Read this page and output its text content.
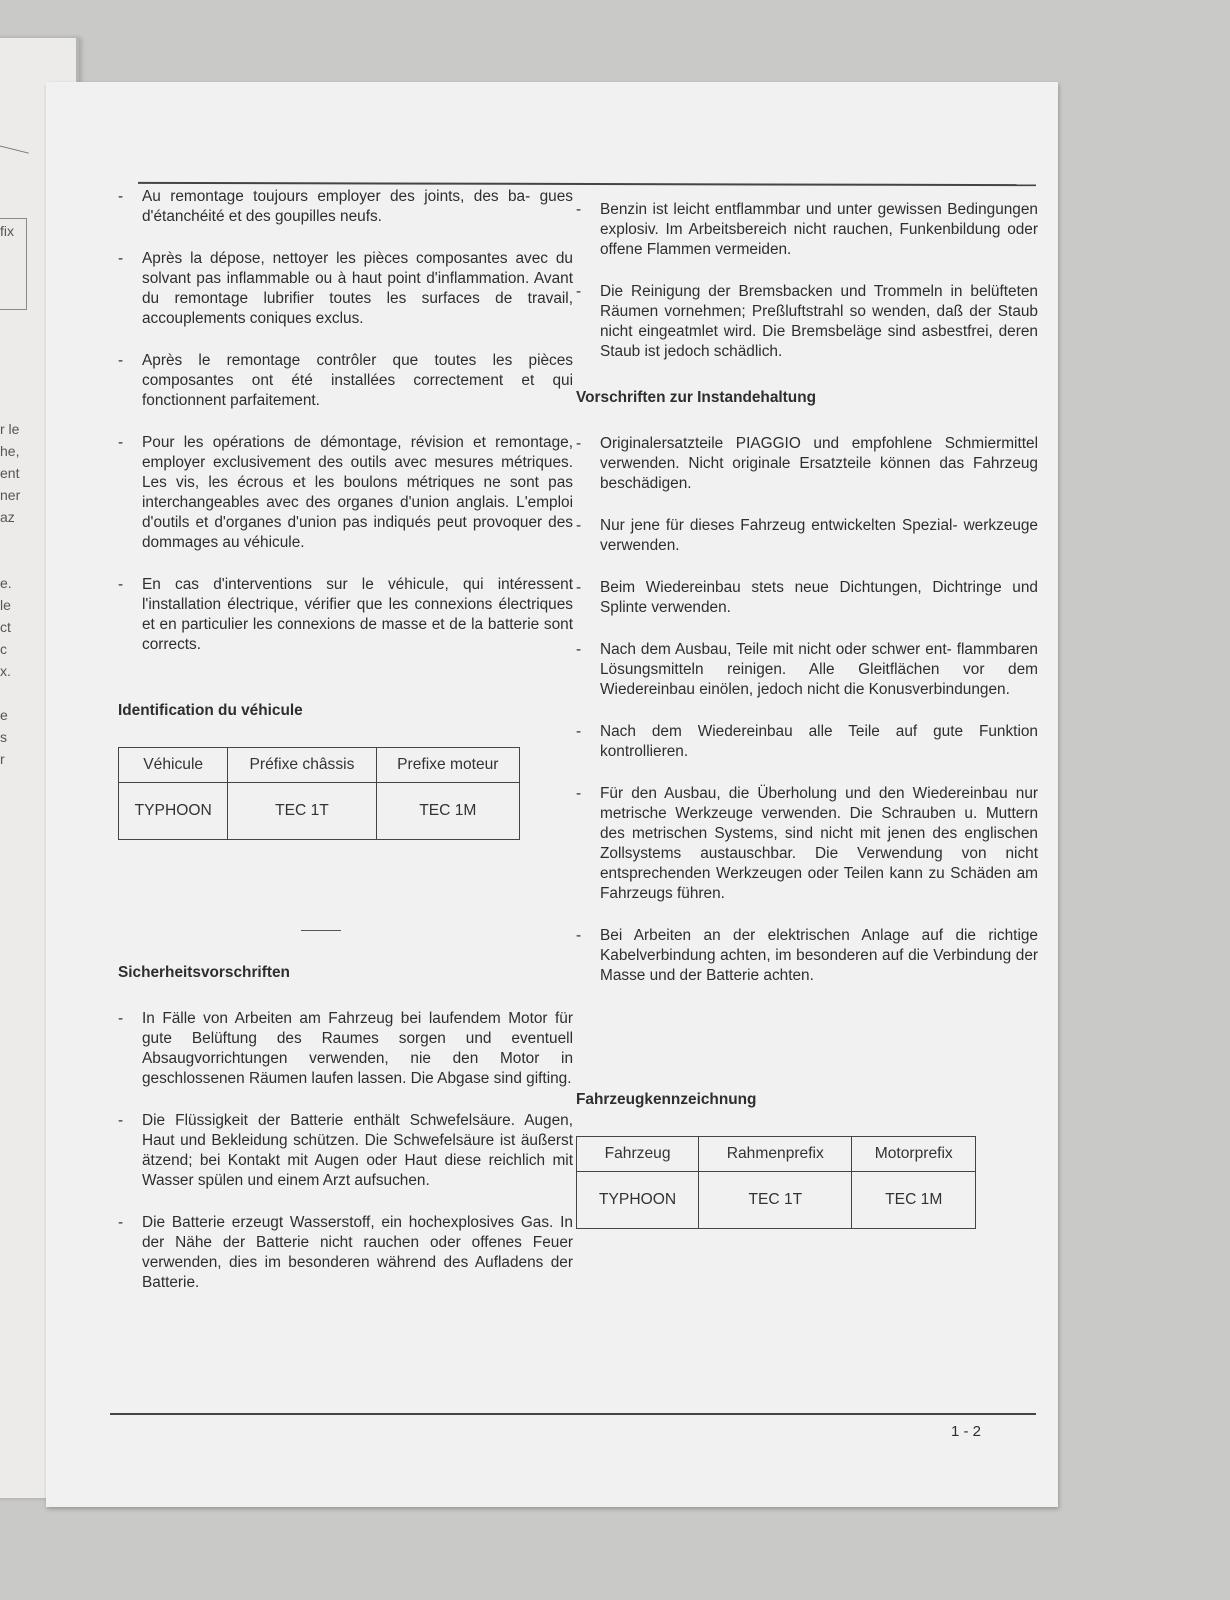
fix
r le
he,
ent
ner
az
e.
le
ct
c
x.
e
s
r
- Au remontage toujours employer des joints, des ba- gues d'étanchéité et des goupilles neufs.
- Après la dépose, nettoyer les pièces composantes avec du solvant pas inflammable ou à haut point d'inflammation. Avant du remontage lubrifier toutes les surfaces de travail, accouplements coniques exclus.
- Après le remontage contrôler que toutes les pièces composantes ont été installées correctement et qui fonctionnent parfaitement.
- Pour les opérations de démontage, révision et remontage, employer exclusivement des outils avec mesures métriques. Les vis, les écrous et les boulons métriques ne sont pas interchangeables avec des organes d'union anglais. L'emploi d'outils et d'organes d'union pas indiqués peut provoquer des dommages au véhicule.
- En cas d'interventions sur le véhicule, qui intéressent l'installation électrique, vérifier que les connexions électriques et en particulier les connexions de masse et de la batterie sont corrects.
Identification du véhicule
Véhicule	Préfixe châssis	Prefixe moteur
TYPHOON	TEC 1T	TEC 1M
Sicherheitsvorschriften
- In Fälle von Arbeiten am Fahrzeug bei laufendem Motor für gute Belüftung des Raumes sorgen und eventuell Absaugvorrichtungen verwenden, nie den Motor in geschlossenen Räumen laufen lassen. Die Abgase sind gifting.
- Die Flüssigkeit der Batterie enthält Schwefelsäure. Augen, Haut und Bekleidung schützen. Die Schwefelsäure ist äußerst ätzend; bei Kontakt mit Augen oder Haut diese reichlich mit Wasser spülen und einem Arzt aufsuchen.
- Die Batterie erzeugt Wasserstoff, ein hochexplosives Gas. In der Nähe der Batterie nicht rauchen oder offenes Feuer verwenden, dies im besonderen während des Aufladens der Batterie.
- Benzin ist leicht entflammbar und unter gewissen Bedingungen explosiv. Im Arbeitsbereich nicht rauchen, Funkenbildung oder offene Flammen vermeiden.
- Die Reinigung der Bremsbacken und Trommeln in belüfteten Räumen vornehmen; Preßluftstrahl so wenden, daß der Staub nicht eingeatmlet wird. Die Bremsbeläge sind asbestfrei, deren Staub ist jedoch schädlich.
Vorschriften zur Instandehaltung
- Originalersatzteile PIAGGIO und empfohlene Schmiermittel verwenden. Nicht originale Ersatzteile können das Fahrzeug beschädigen.
- Nur jene für dieses Fahrzeug entwickelten Spezial- werkzeuge verwenden.
- Beim Wiedereinbau stets neue Dichtungen, Dichtringe und Splinte verwenden.
- Nach dem Ausbau, Teile mit nicht oder schwer ent- flammbaren Lösungsmitteln reinigen. Alle Gleitflächen vor dem Wiedereinbau einölen, jedoch nicht die Konusverbindungen.
- Nach dem Wiedereinbau alle Teile auf gute Funktion kontrollieren.
- Für den Ausbau, die Überholung und den Wiedereinbau nur metrische Werkzeuge verwenden. Die Schrauben u. Muttern des metrischen Systems, sind nicht mit jenen des englischen Zollsystems austauschbar. Die Verwendung von nicht entsprechenden Werkzeugen oder Teilen kann zu Schäden am Fahrzeugs führen.
- Bei Arbeiten an der elektrischen Anlage auf die richtige Kabelverbindung achten, im besonderen auf die Verbindung der Masse und der Batterie achten.
Fahrzeugkennzeichnung
Fahrzeug	Rahmenprefix	Motorprefix
TYPHOON	TEC 1T	TEC 1M
1 - 2
